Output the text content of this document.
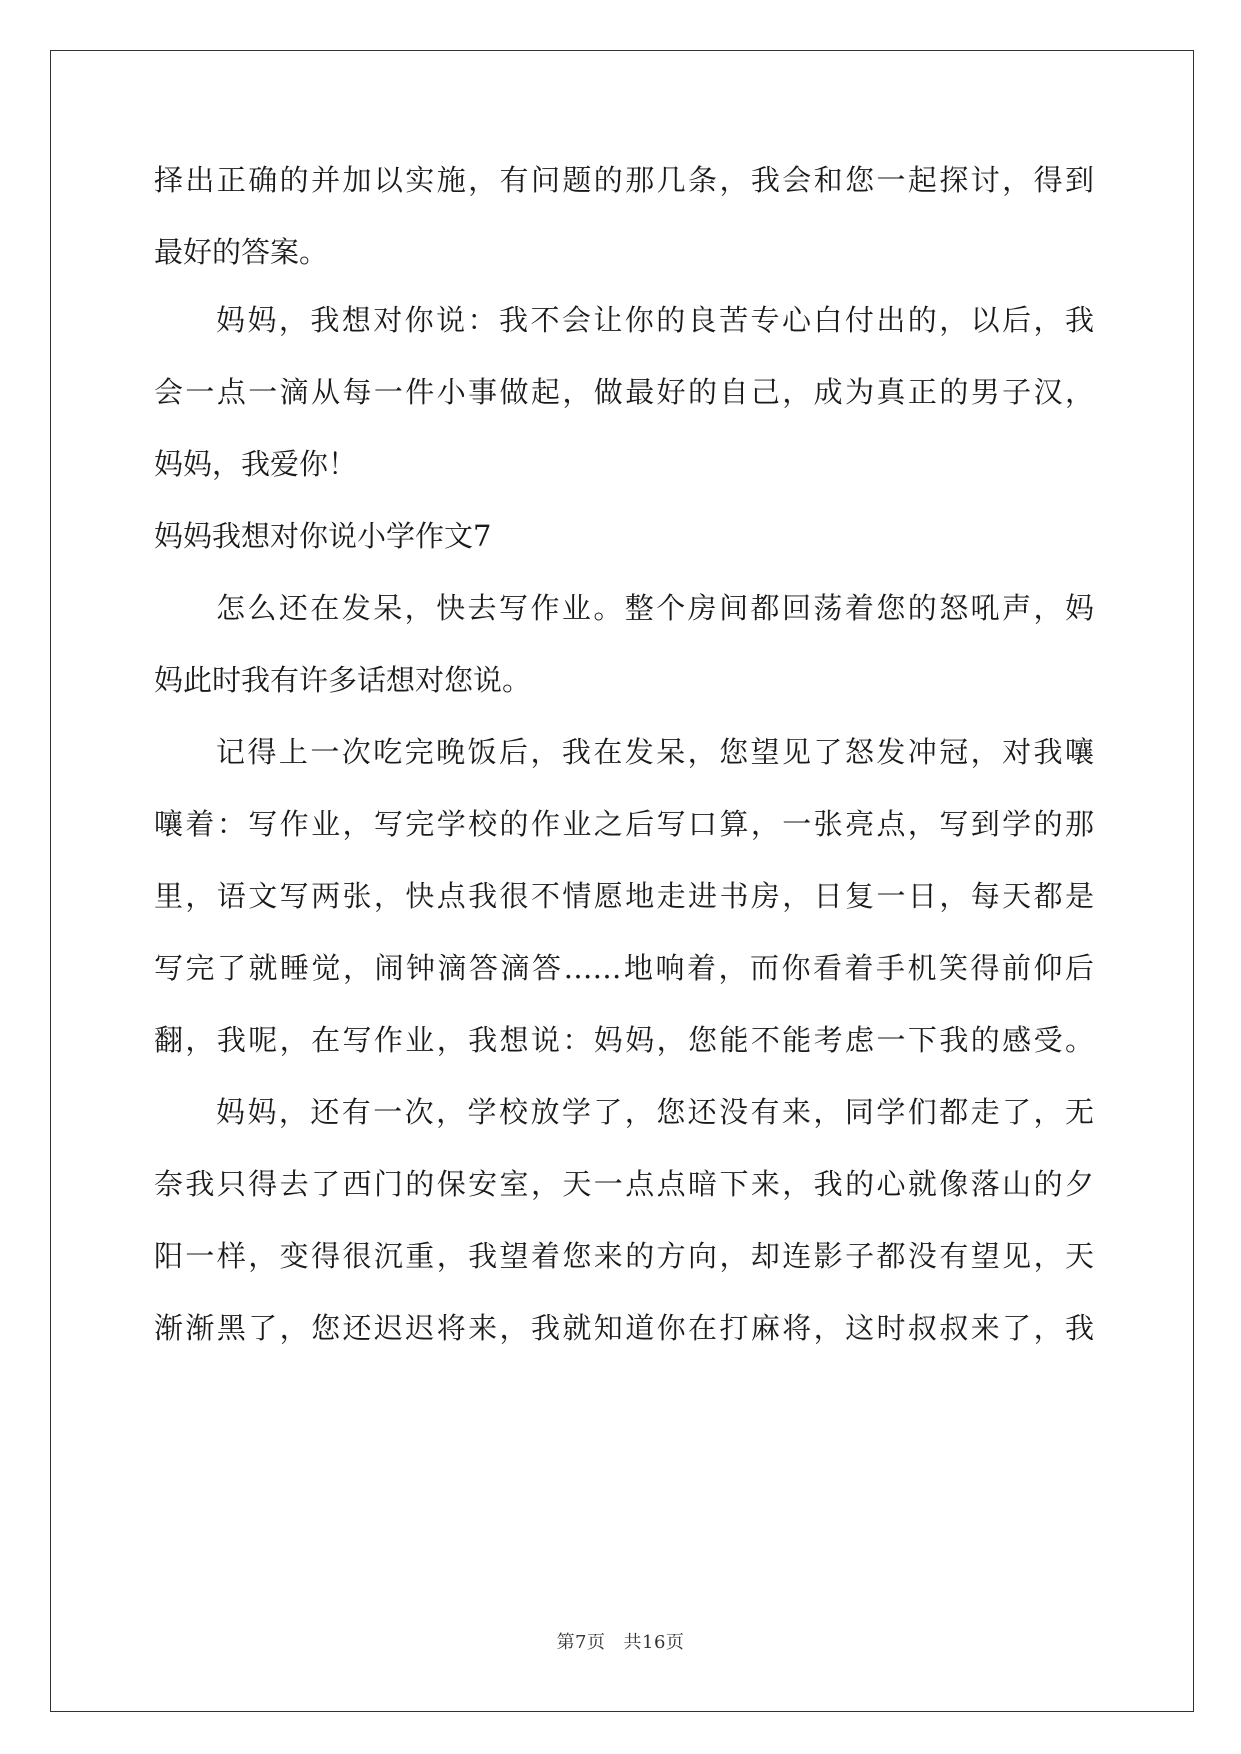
择出正确的并加以实施，有问题的那几条，我会和您一起探讨，得到
最好的答案。
妈妈，我想对你说：我不会让你的良苦专心白付出的，以后，我
会一点一滴从每一件小事做起，做最好的自己，成为真正的男子汉，
妈妈，我爱你！
妈妈我想对你说小学作文7
怎么还在发呆，快去写作业。整个房间都回荡着您的怒吼声，妈
妈此时我有许多话想对您说。
记得上一次吃完晚饭后，我在发呆，您望见了怒发冲冠，对我嚷
嚷着：写作业，写完学校的作业之后写口算，一张亮点，写到学的那
里，语文写两张，快点我很不情愿地走进书房，日复一日，每天都是
写完了就睡觉，闹钟滴答滴答……地响着，而你看着手机笑得前仰后
翻，我呢，在写作业，我想说：妈妈，您能不能考虑一下我的感受。
妈妈，还有一次，学校放学了，您还没有来，同学们都走了，无
奈我只得去了西门的保安室，天一点点暗下来，我的心就像落山的夕
阳一样，变得很沉重，我望着您来的方向，却连影子都没有望见，天
渐渐黑了，您还迟迟将来，我就知道你在打麻将，这时叔叔来了，我
第7页 共16页
